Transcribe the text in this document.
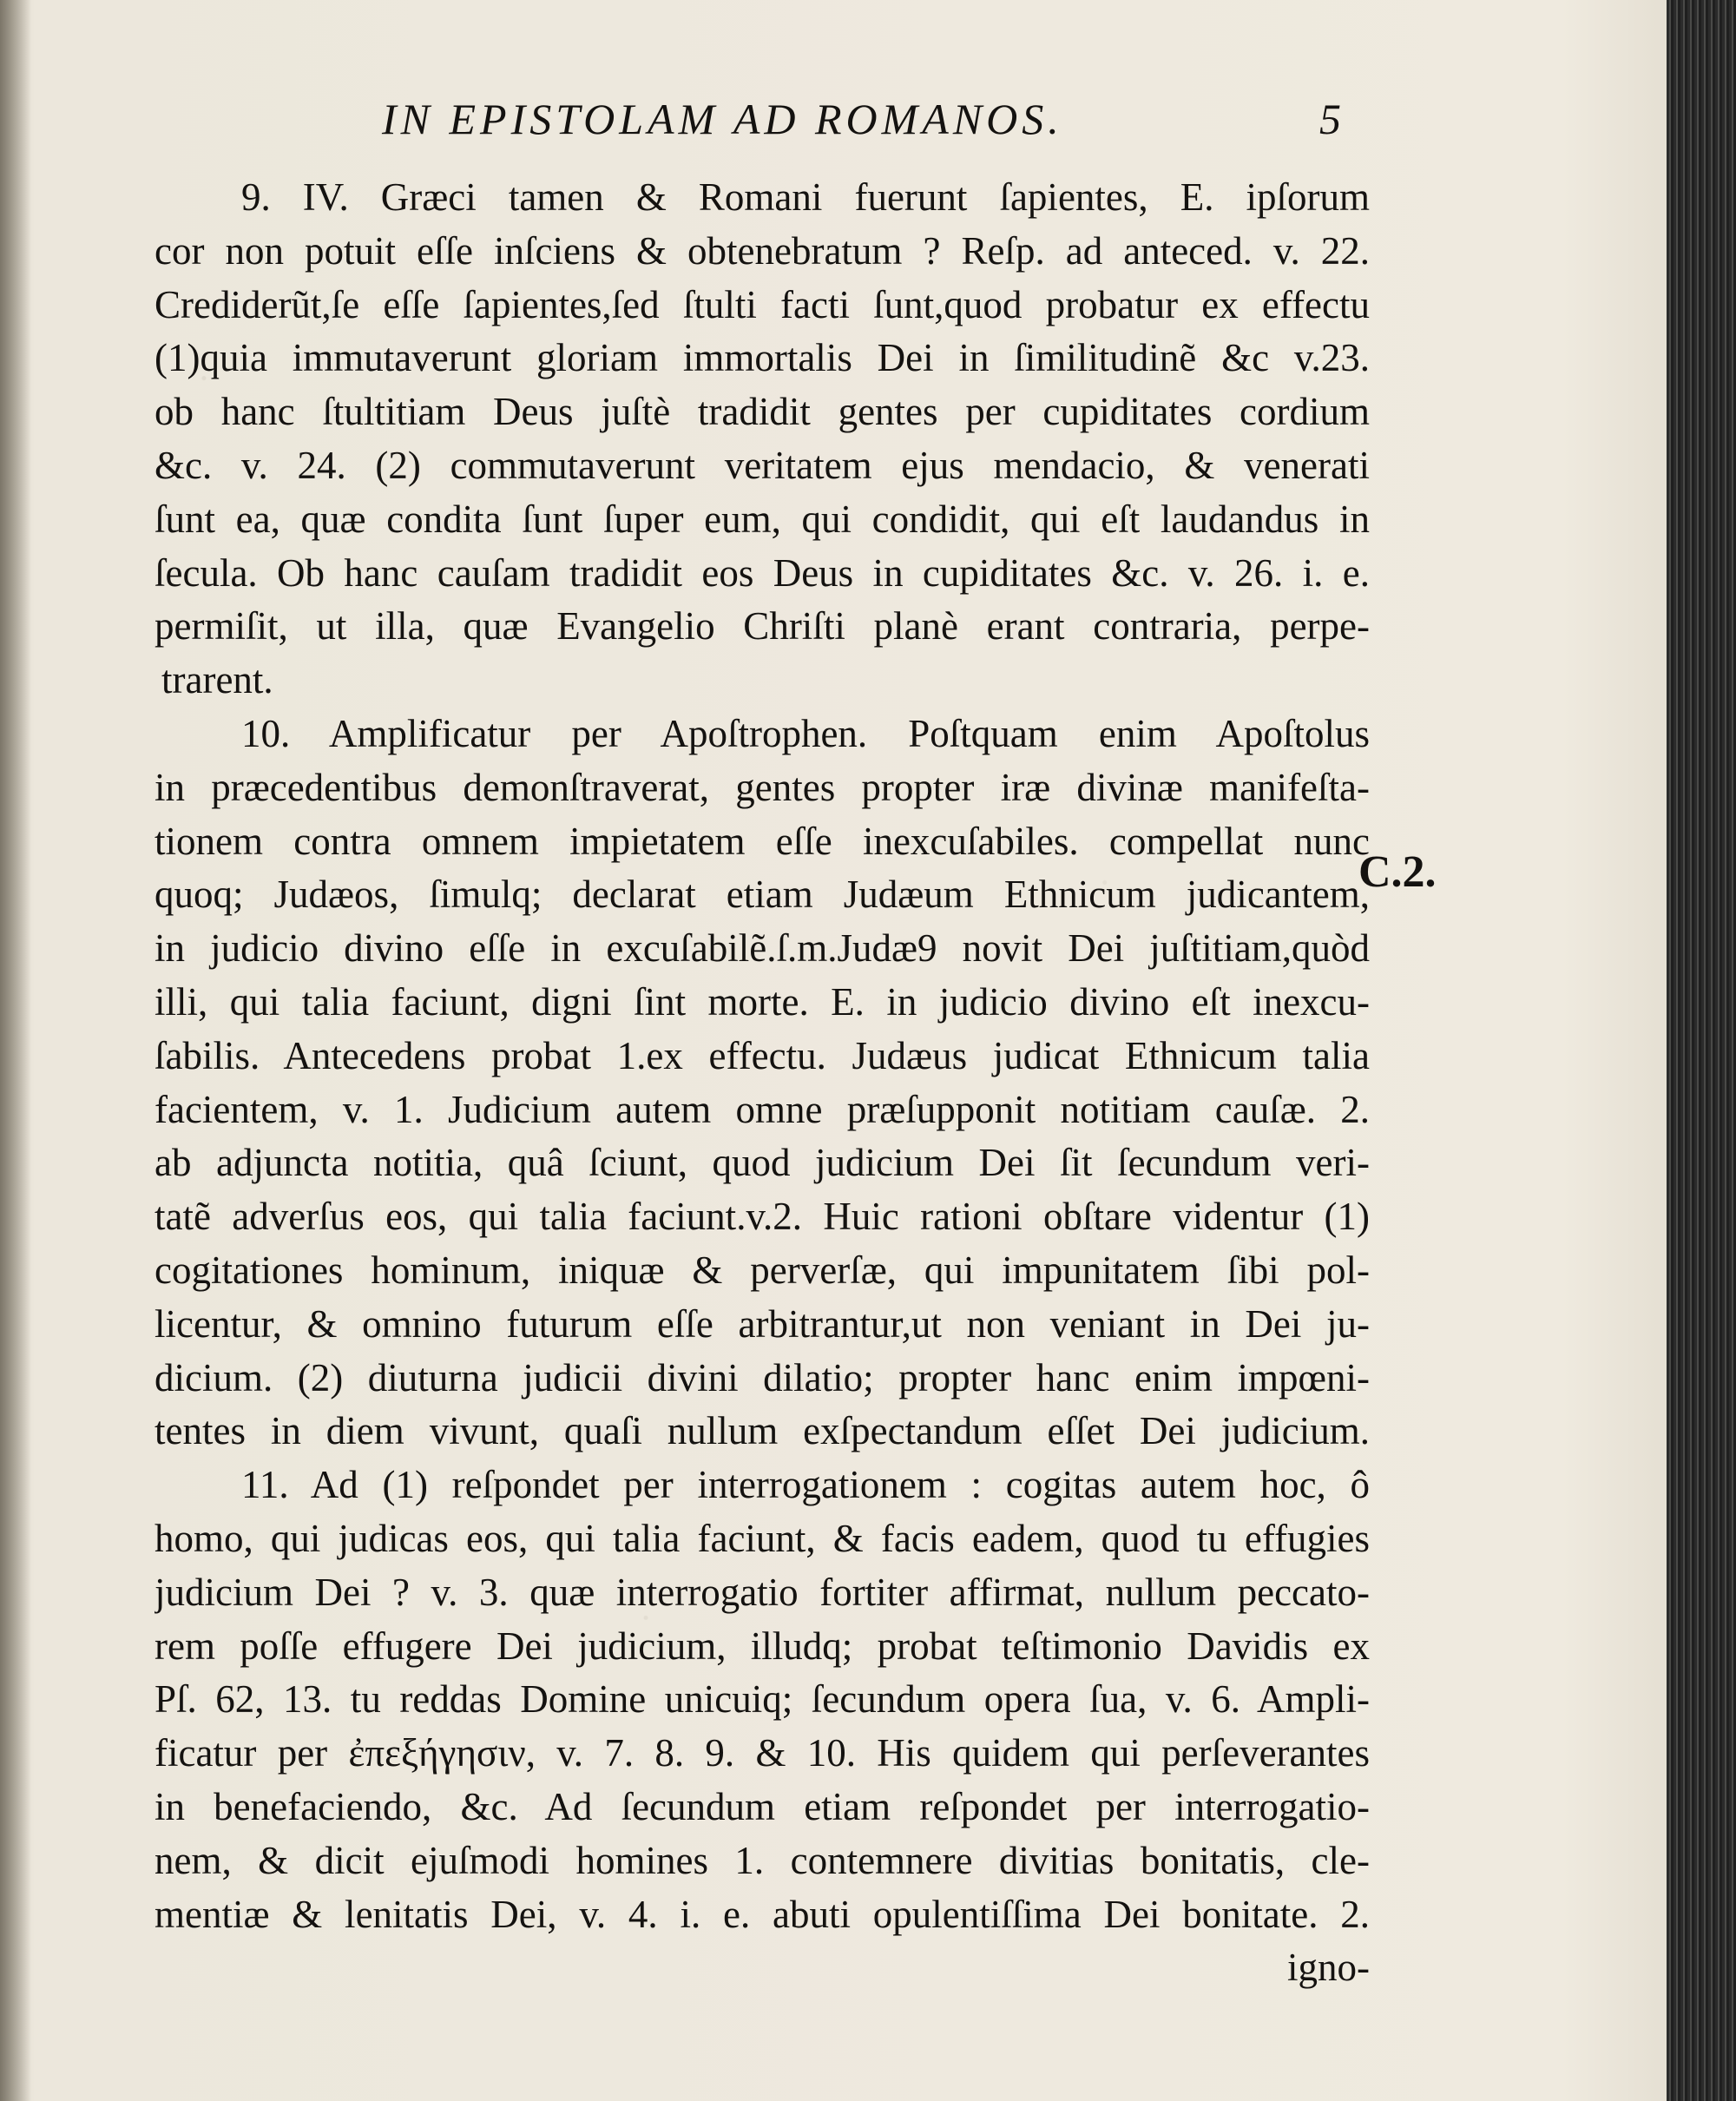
IN EPISTOLAM AD ROMANOS.	5
9. IV. Græci tamen & Romani fuerunt ſapientes, E. ipſorum
cor non potuit eſſe inſciens & obtenebratum ? Reſp. ad anteced. v. 22.
Crediderũt,ſe eſſe ſapientes,ſed ſtulti facti ſunt,quod probatur ex effectu
(1)quia immutaverunt gloriam immortalis Dei in ſimilitudinẽ &c v.23.
ob hanc ſtultitiam Deus juſtè tradidit gentes per cupiditates cordium
&c. v. 24. (2) commutaverunt veritatem ejus mendacio, & venerati
ſunt ea, quæ condita ſunt ſuper eum, qui condidit, qui eſt laudandus in
ſecula. Ob hanc cauſam tradidit eos Deus in cupiditates &c. v. 26. i. e.
permiſit, ut illa, quæ Evangelio Chriſti planè erant contraria, perpe-
trarent.
10. Amplificatur per Apoſtrophen. Poſtquam enim Apoſtolus
in præcedentibus demonſtraverat, gentes propter iræ divinæ manifeſta-
tionem contra omnem impietatem eſſe inexcuſabiles. compellat nunc
quoq; Judæos, ſimulq; declarat etiam Judæum Ethnicum judicantem,
in judicio divino eſſe in excuſabilẽ.ſ.m.Judæ9 novit Dei juſtitiam,quòd
illi, qui talia faciunt, digni ſint morte. E. in judicio divino eſt inexcu-
ſabilis. Antecedens probat 1.ex effectu. Judæus judicat Ethnicum talia
facientem, v. 1. Judicium autem omne præſupponit notitiam cauſæ. 2.
ab adjuncta notitia, quâ ſciunt, quod judicium Dei ſit ſecundum veri-
tatẽ adverſus eos, qui talia faciunt.v.2. Huic rationi obſtare videntur (1)
cogitationes hominum, iniquæ & perverſæ, qui impunitatem ſibi pol-
licentur, & omnino futurum eſſe arbitrantur,ut non veniant in Dei ju-
dicium. (2) diuturna judicii divini dilatio; propter hanc enim impœni-
tentes in diem vivunt, quaſi nullum exſpectandum eſſet Dei judicium.
11. Ad (1) reſpondet per interrogationem : cogitas autem hoc, ô
homo, qui judicas eos, qui talia faciunt, & facis eadem, quod tu effugies
judicium Dei ? v. 3. quæ interrogatio fortiter affirmat, nullum peccato-
rem poſſe effugere Dei judicium, illudq; probat teſtimonio Davidis ex
Pſ. 62, 13. tu reddas Domine unicuiq; ſecundum opera ſua, v. 6. Ampli-
ficatur per ἐπεξήγησιν, v. 7. 8. 9. & 10. His quidem qui perſeverantes
in benefaciendo, &c. Ad ſecundum etiam reſpondet per interrogatio-
nem, & dicit ejuſmodi homines 1. contemnere divitias bonitatis, cle-
mentiæ & lenitatis Dei, v. 4. i. e. abuti opulentiſſima Dei bonitate. 2.
igno-
C.2.
